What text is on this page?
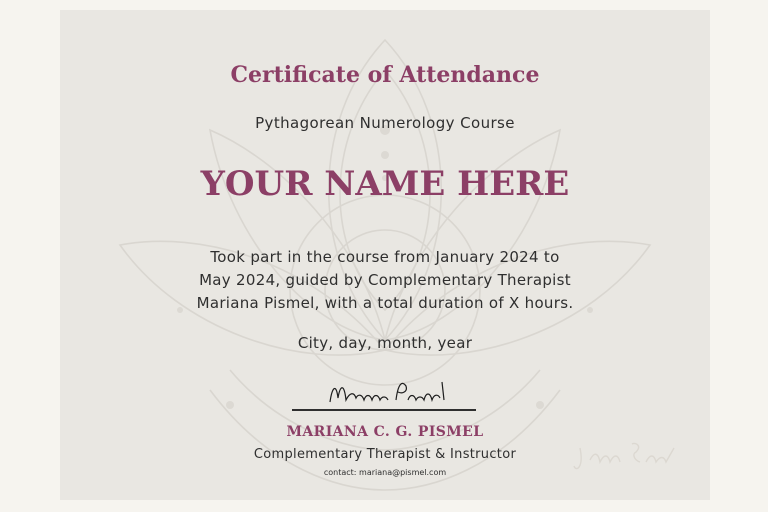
Certificate of Attendance
Pythagorean Numerology Course
YOUR NAME HERE
Took part in the course from January 2024 to
May 2024, guided by Complementary Therapist
Mariana Pismel, with a total duration of X hours.
City, day, month, year
MARIANA C. G. PISMEL
Complementary Therapist & Instructor
contact: mariana@pismel.com
